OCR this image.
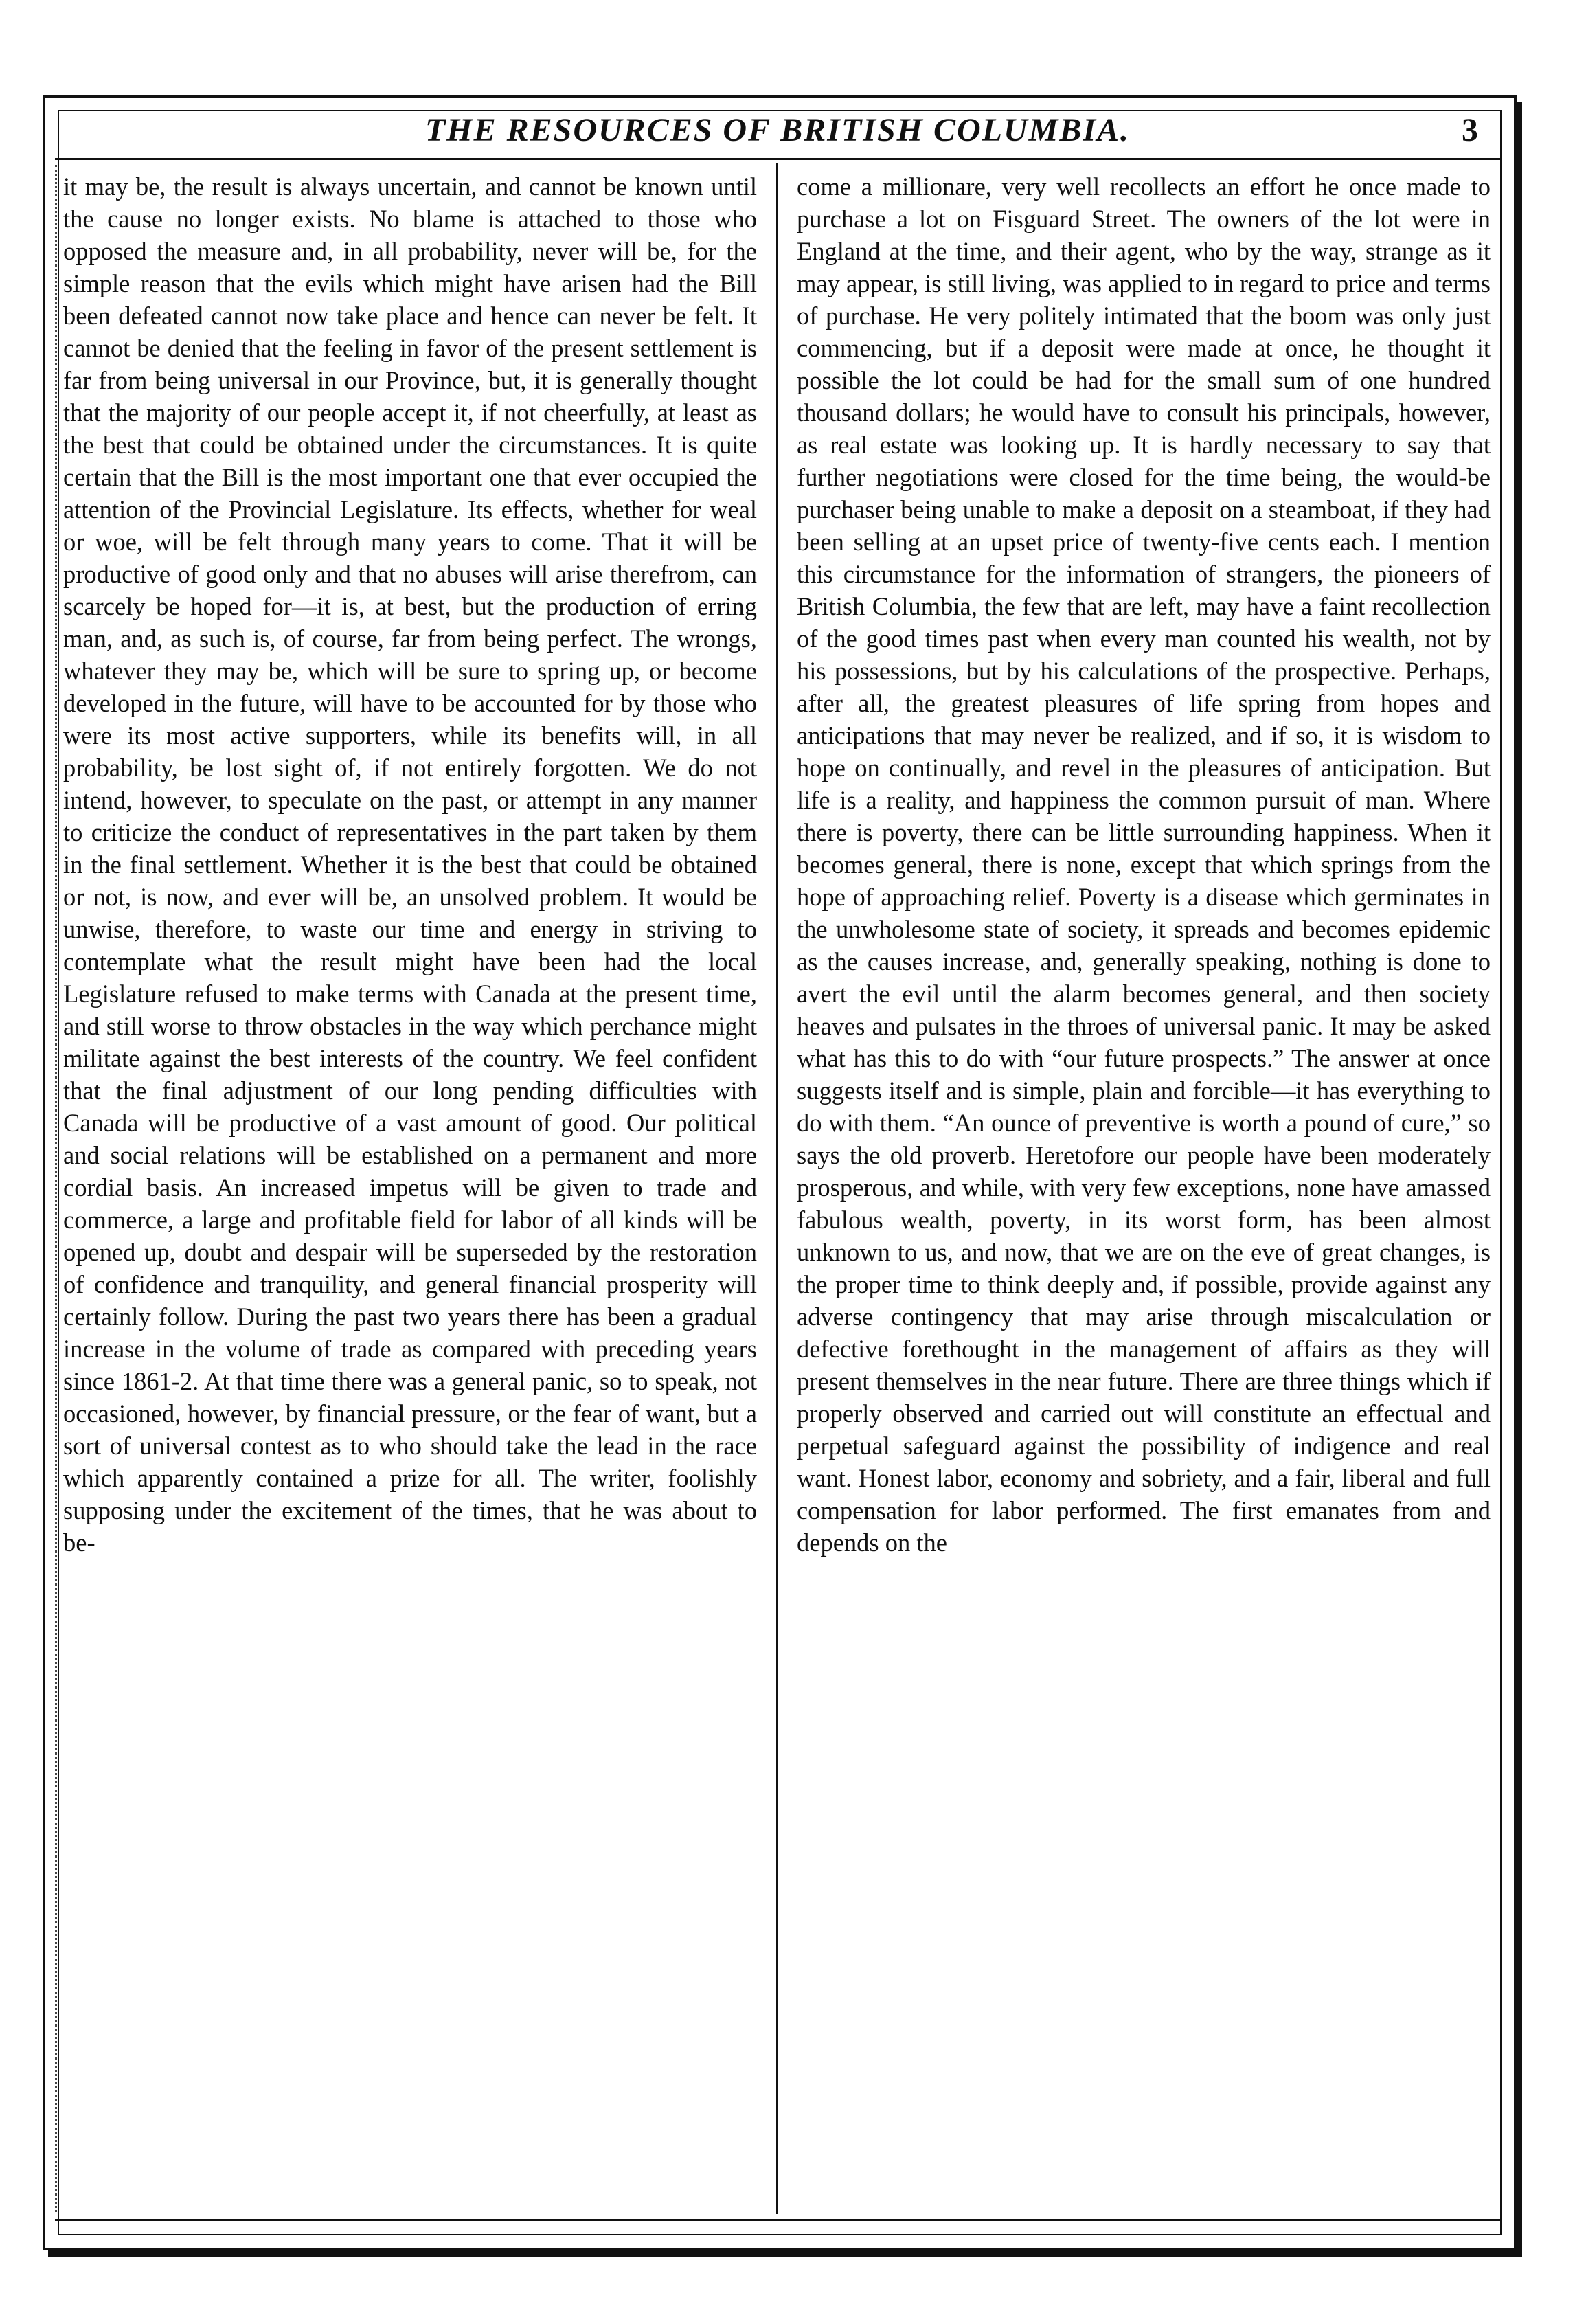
THE RESOURCES OF BRITISH COLUMBIA.	3

it may be, the result is always uncertain, and cannot be known until the cause no longer exists. No blame is attached to those who opposed the measure and, in all probability, never will be, for the simple reason that the evils which might have arisen had the Bill been defeated cannot now take place and hence can never be felt. It cannot be denied that the feeling in favor of the present settlement is far from being universal in our Province, but, it is generally thought that the majority of our people accept it, if not cheerfully, at least as the best that could be obtained under the circumstances. It is quite certain that the Bill is the most important one that ever occupied the attention of the Provincial Legislature. Its effects, whether for weal or woe, will be felt through many years to come. That it will be productive of good only and that no abuses will arise therefrom, can scarcely be hoped for—it is, at best, but the production of erring man, and, as such is, of course, far from being perfect. The wrongs, whatever they may be, which will be sure to spring up, or become developed in the future, will have to be accounted for by those who were its most active supporters, while its benefits will, in all probability, be lost sight of, if not entirely forgotten. We do not intend, however, to speculate on the past, or attempt in any manner to criticize the conduct of representatives in the part taken by them in the final settlement. Whether it is the best that could be obtained or not, is now, and ever will be, an unsolved problem. It would be unwise, therefore, to waste our time and energy in striving to contemplate what the result might have been had the local Legislature refused to make terms with Canada at the present time, and still worse to throw obstacles in the way which perchance might militate against the best interests of the country. We feel confident that the final adjustment of our long pending difficulties with Canada will be productive of a vast amount of good. Our political and social relations will be established on a permanent and more cordial basis. An increased impetus will be given to trade and commerce, a large and profitable field for labor of all kinds will be opened up, doubt and despair will be superseded by the restoration of confidence and tranquility, and general financial prosperity will certainly follow. During the past two years there has been a gradual increase in the volume of trade as compared with preceding years since 1861-2. At that time there was a general panic, so to speak, not occasioned, however, by financial pressure, or the fear of want, but a sort of universal contest as to who should take the lead in the race which apparently contained a prize for all. The writer, foolishly supposing under the excitement of the times, that he was about to be-

come a millionare, very well recollects an effort he once made to purchase a lot on Fisguard Street. The owners of the lot were in England at the time, and their agent, who by the way, strange as it may appear, is still living, was applied to in regard to price and terms of purchase. He very politely intimated that the boom was only just commencing, but if a deposit were made at once, he thought it possible the lot could be had for the small sum of one hundred thousand dollars; he would have to consult his principals, however, as real estate was looking up. It is hardly necessary to say that further negotiations were closed for the time being, the would-be purchaser being unable to make a deposit on a steamboat, if they had been selling at an upset price of twenty-five cents each. I mention this circumstance for the information of strangers, the pioneers of British Columbia, the few that are left, may have a faint recollection of the good times past when every man counted his wealth, not by his possessions, but by his calculations of the prospective. Perhaps, after all, the greatest pleasures of life spring from hopes and anticipations that may never be realized, and if so, it is wisdom to hope on continually, and revel in the pleasures of anticipation. But life is a reality, and happiness the common pursuit of man. Where there is poverty, there can be little surrounding happiness. When it becomes general, there is none, except that which springs from the hope of approaching relief. Poverty is a disease which germinates in the unwholesome state of society, it spreads and becomes epidemic as the causes increase, and, generally speaking, nothing is done to avert the evil until the alarm becomes general, and then society heaves and pulsates in the throes of universal panic. It may be asked what has this to do with “our future prospects.” The answer at once suggests itself and is simple, plain and forcible—it has everything to do with them. “An ounce of preventive is worth a pound of cure,” so says the old proverb. Heretofore our people have been moderately prosperous, and while, with very few exceptions, none have amassed fabulous wealth, poverty, in its worst form, has been almost unknown to us, and now, that we are on the eve of great changes, is the proper time to think deeply and, if possible, provide against any adverse contingency that may arise through miscalculation or defective forethought in the management of affairs as they will present themselves in the near future. There are three things which if properly observed and carried out will constitute an effectual and perpetual safeguard against the possibility of indigence and real want. Honest labor, economy and sobriety, and a fair, liberal and full compensation for labor performed. The first emanates from and depends on the
